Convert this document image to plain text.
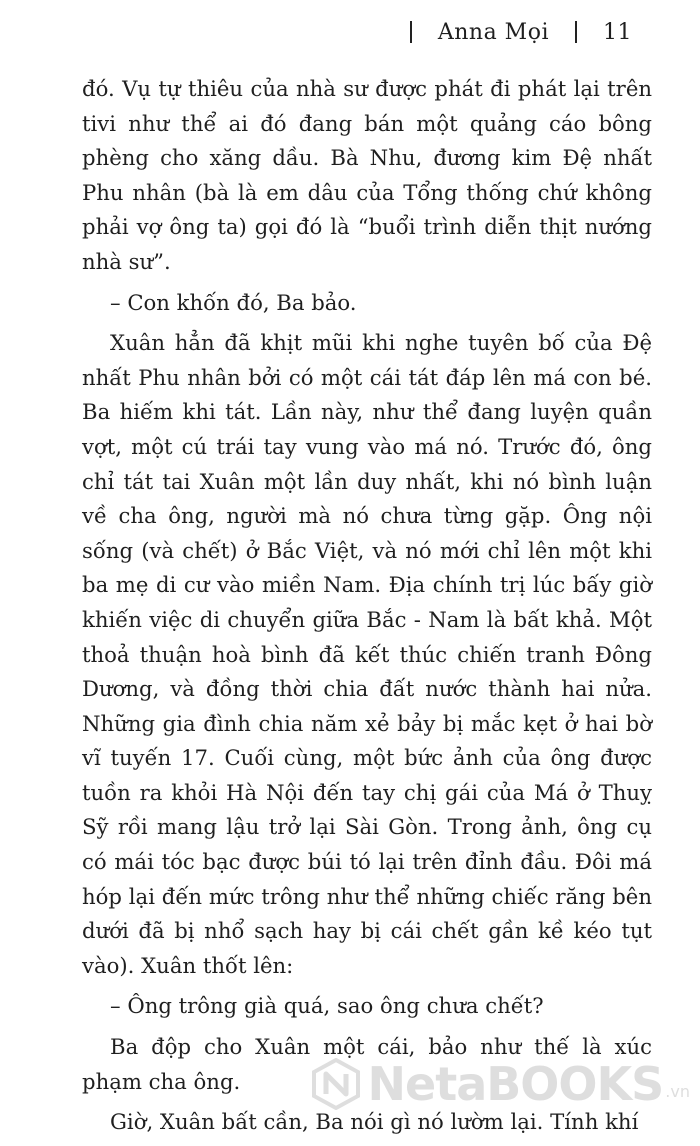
Anna Mọi 11

đó. Vụ tự thiêu của nhà sư được phát đi phát lại trên tivi như thể ai đó đang bán một quảng cáo bông phèng cho xăng dầu. Bà Nhu, đương kim Đệ nhất Phu nhân (bà là em dâu của Tổng thống chứ không phải vợ ông ta) gọi đó là “buổi trình diễn thịt nướng nhà sư”.

– Con khốn đó, Ba bảo.

Xuân hẳn đã khịt mũi khi nghe tuyên bố của Đệ nhất Phu nhân bởi có một cái tát đáp lên má con bé. Ba hiếm khi tát. Lần này, như thể đang luyện quần vợt, một cú trái tay vung vào má nó. Trước đó, ông chỉ tát tai Xuân một lần duy nhất, khi nó bình luận về cha ông, người mà nó chưa từng gặp. Ông nội sống (và chết) ở Bắc Việt, và nó mới chỉ lên một khi ba mẹ di cư vào miền Nam. Địa chính trị lúc bấy giờ khiến việc di chuyển giữa Bắc - Nam là bất khả. Một thoả thuận hoà bình đã kết thúc chiến tranh Đông Dương, và đồng thời chia đất nước thành hai nửa. Những gia đình chia năm xẻ bảy bị mắc kẹt ở hai bờ vĩ tuyến 17. Cuối cùng, một bức ảnh của ông được tuồn ra khỏi Hà Nội đến tay chị gái của Má ở Thuỵ Sỹ rồi mang lậu trở lại Sài Gòn. Trong ảnh, ông cụ có mái tóc bạc được búi tó lại trên đỉnh đầu. Đôi má hóp lại đến mức trông như thể những chiếc răng bên dưới đã bị nhổ sạch hay bị cái chết gần kề kéo tụt vào). Xuân thốt lên:

– Ông trông già quá, sao ông chưa chết?

Ba độp cho Xuân một cái, bảo như thế là xúc phạm cha ông.

Giờ, Xuân bất cần, Ba nói gì nó lườm lại. Tính khí

NetaBOOKS .vn
